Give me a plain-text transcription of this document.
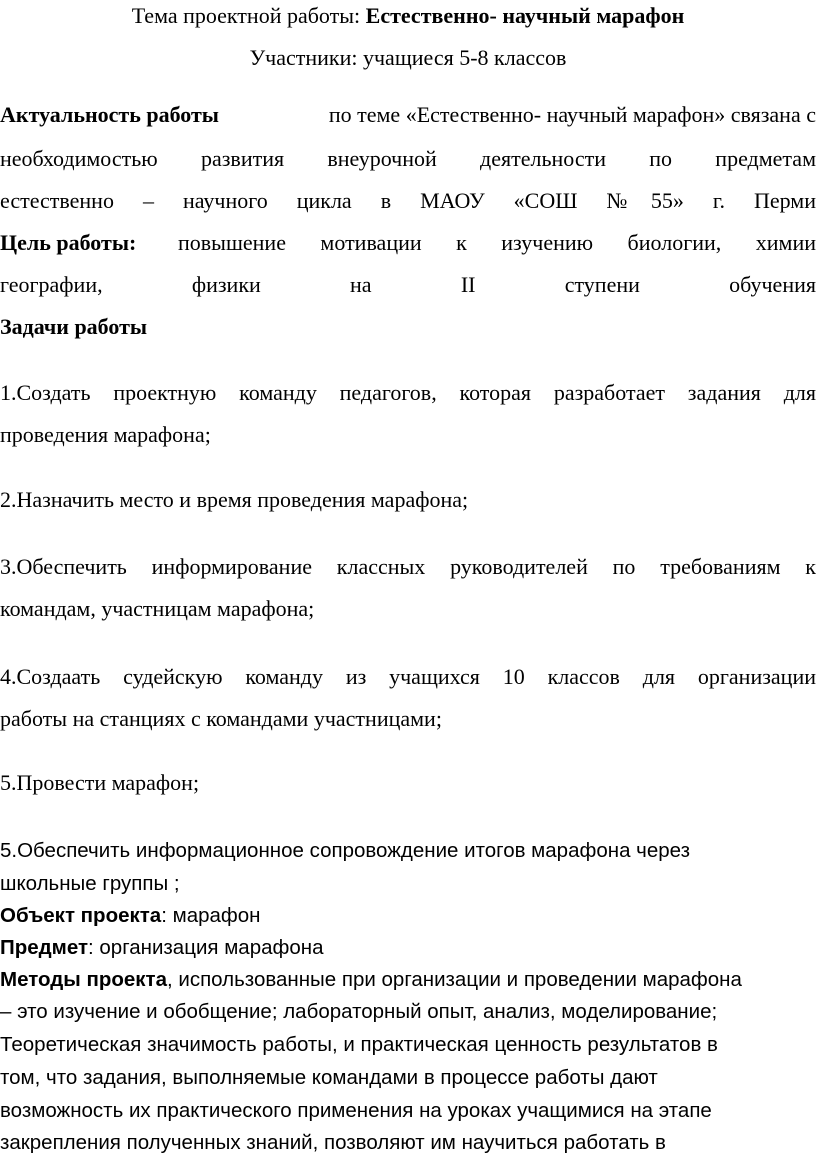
Тема проектной работы: Естественно- научный марафон
Участники: учащиеся 5-8 классов
Актуальность работы	по теме «Естественно- научный марафон» связана с
необходимостью развития внеурочной деятельности по предметам
естественно – научного цикла в МАОУ «СОШ №55» г. Перми
Цель работы: повышение мотивации к изучению биологии, химии
географии, физики на II ступени обучения
Задачи работы
1.Создать проектную команду педагогов, которая разработает задания для
проведения марафона;
2.Назначить место и время проведения марафона;
3.Обеспечить информирование классных руководителей по требованиям к
командам, участницам марафона;
4.Создаать судейскую команду из учащихся 10 классов для организации
работы на станциях с командами участницами;
5.Провести марафон;
5.Обеспечить информационное сопровождение итогов марафона через
школьные группы ;
Объект проекта: марафон
Предмет: организация марафона
Методы проекта, использованные при организации и проведении марафона
– это изучение и обобщение; лабораторный опыт, анализ, моделирование;
Теоретическая значимость работы, и практическая ценность результатов в
том, что задания, выполняемые командами в процессе работы дают
возможность их практического применения на уроках учащимися на этапе
закрепления полученных знаний, позволяют им научиться работать в
